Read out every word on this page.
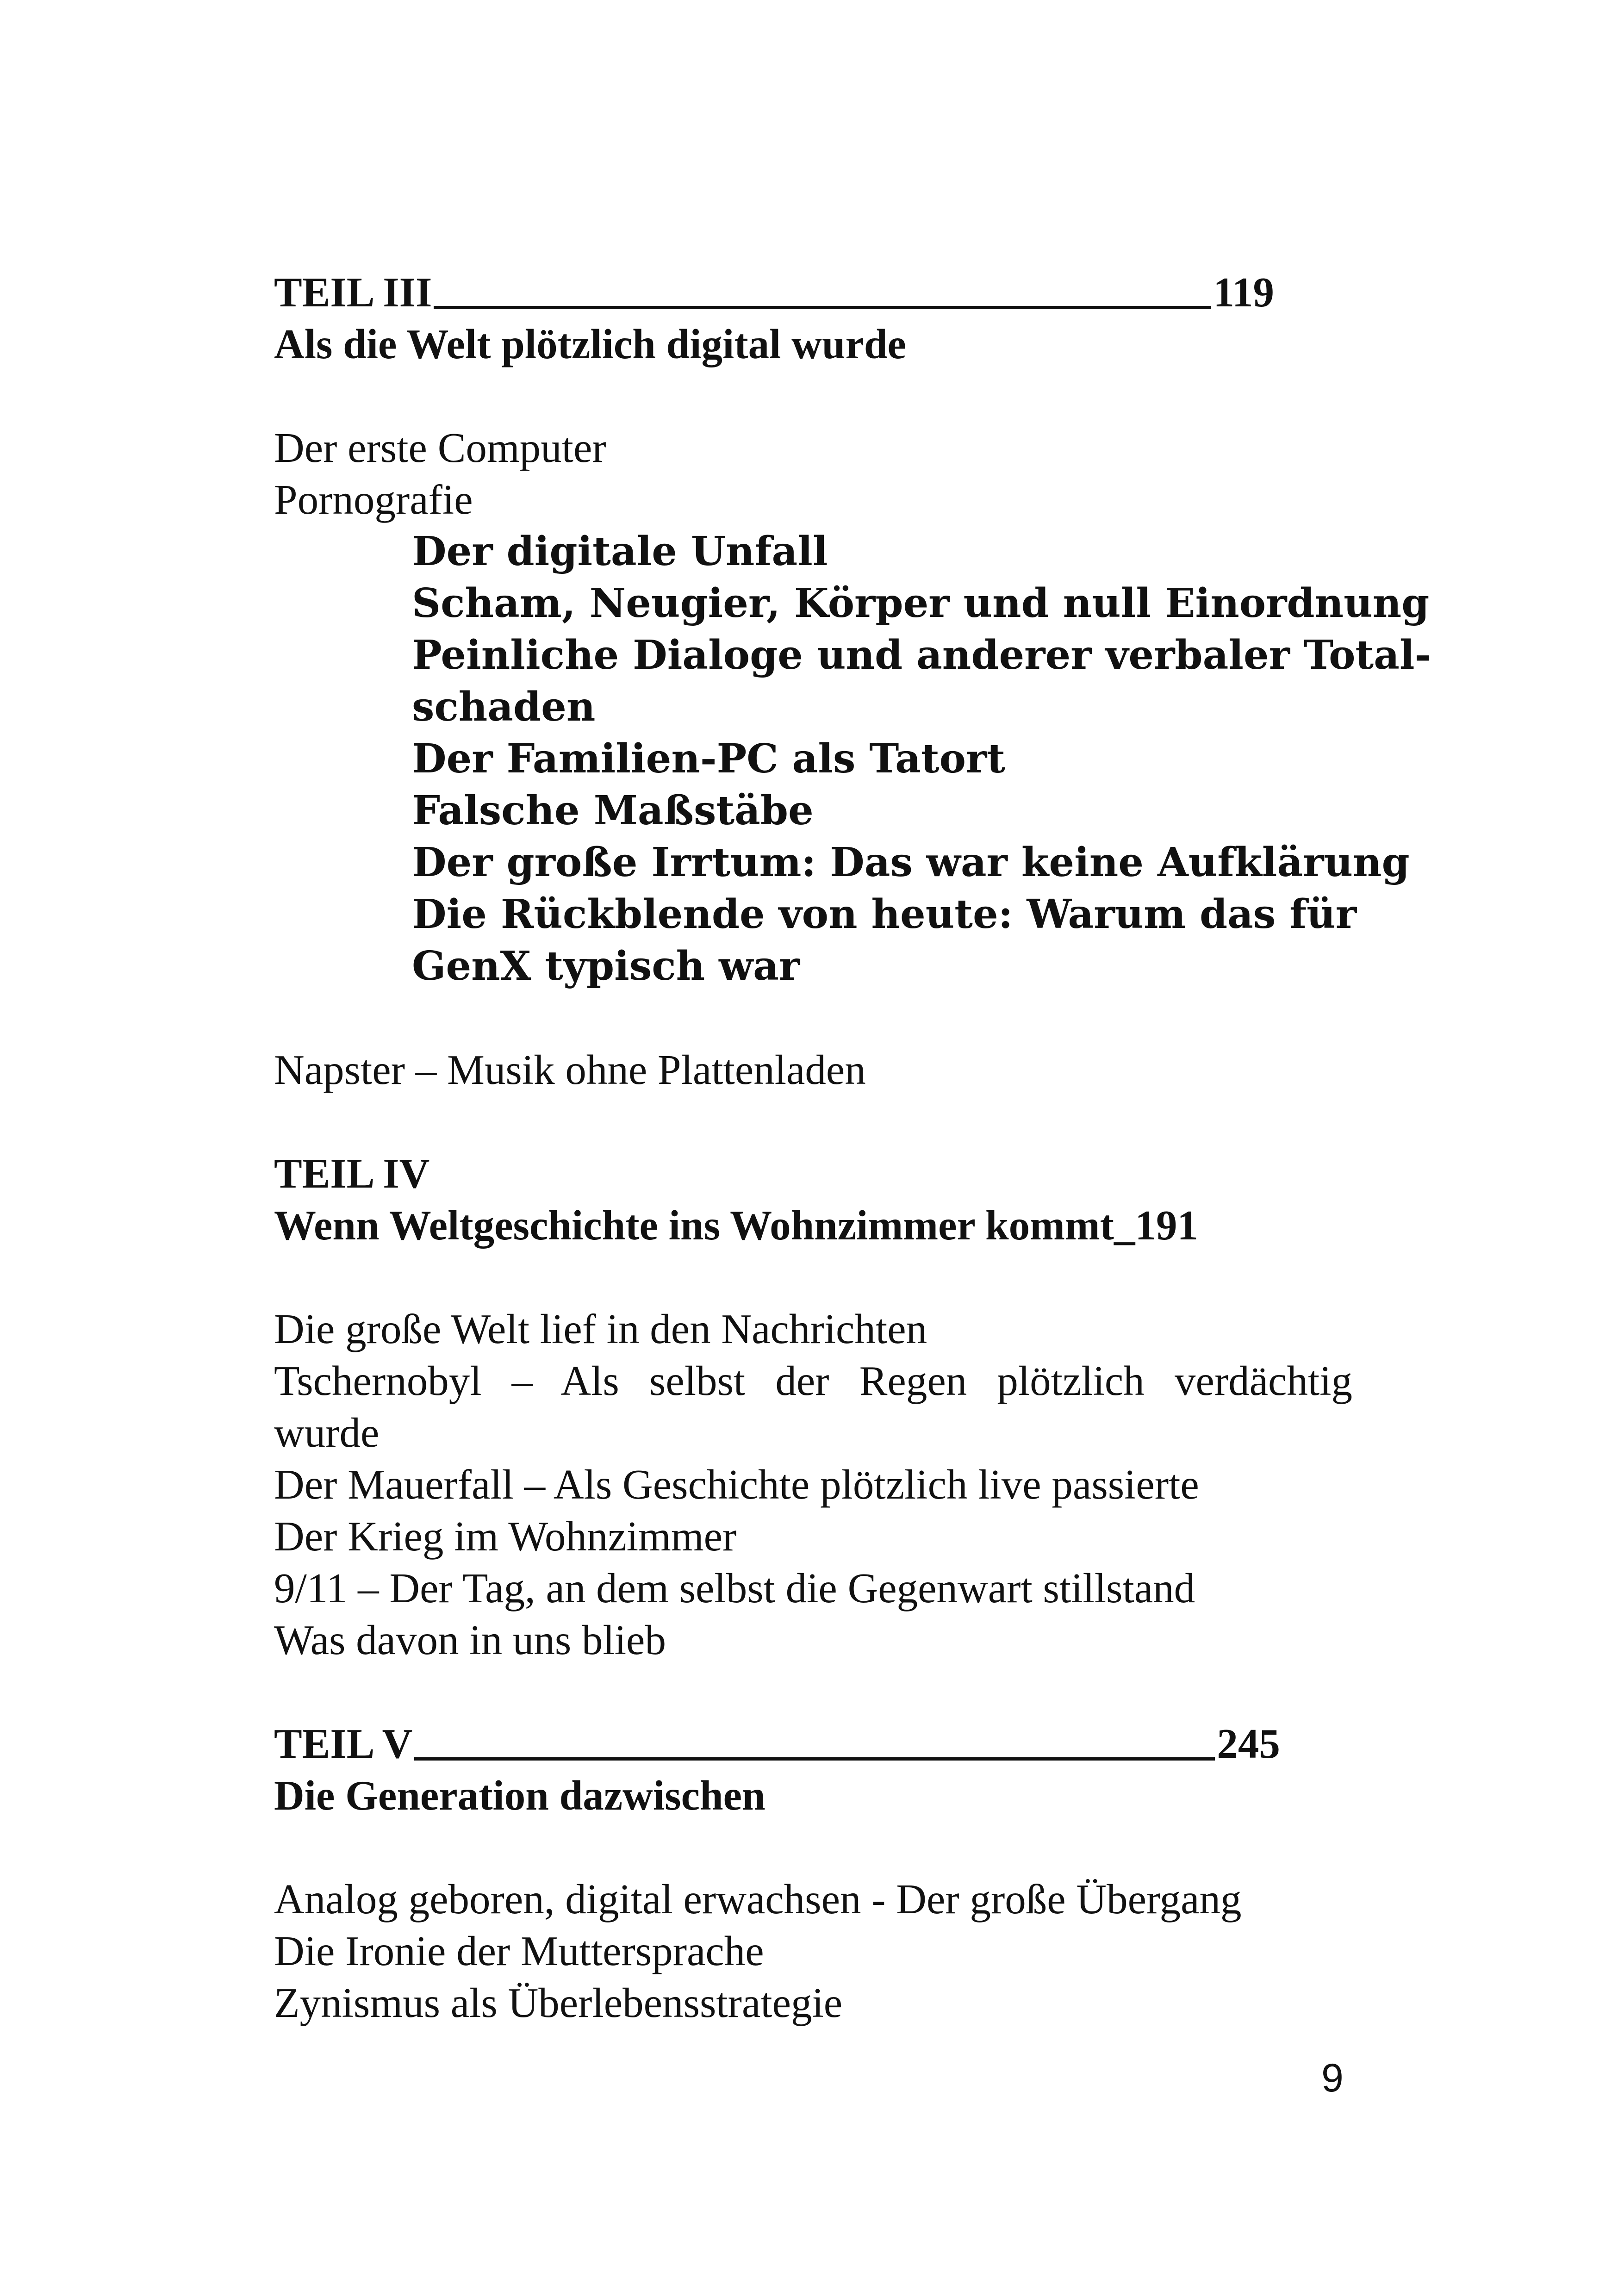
TEIL III	119
Als die Welt plötzlich digital wurde
Der erste Computer
Pornografie
Der digitale Unfall
Scham, Neugier, Körper und null Einordnung
Peinliche Dialoge und anderer verbaler Total-
schaden
Der Familien-PC als Tatort
Falsche Maßstäbe
Der große Irrtum: Das war keine Aufklärung
Die Rückblende von heute: Warum das für
GenX typisch war
Napster – Musik ohne Plattenladen
TEIL IV
Wenn Weltgeschichte ins Wohnzimmer kommt_191
Die große Welt lief in den Nachrichten
Tschernobyl – Als selbst der Regen plötzlich verdächtig
wurde
Der Mauerfall – Als Geschichte plötzlich live passierte
Der Krieg im Wohnzimmer
9/11 – Der Tag, an dem selbst die Gegenwart stillstand
Was davon in uns blieb
TEIL V	245
Die Generation dazwischen
Analog geboren, digital erwachsen - Der große Übergang
Die Ironie der Muttersprache
Zynismus als Überlebensstrategie
9
